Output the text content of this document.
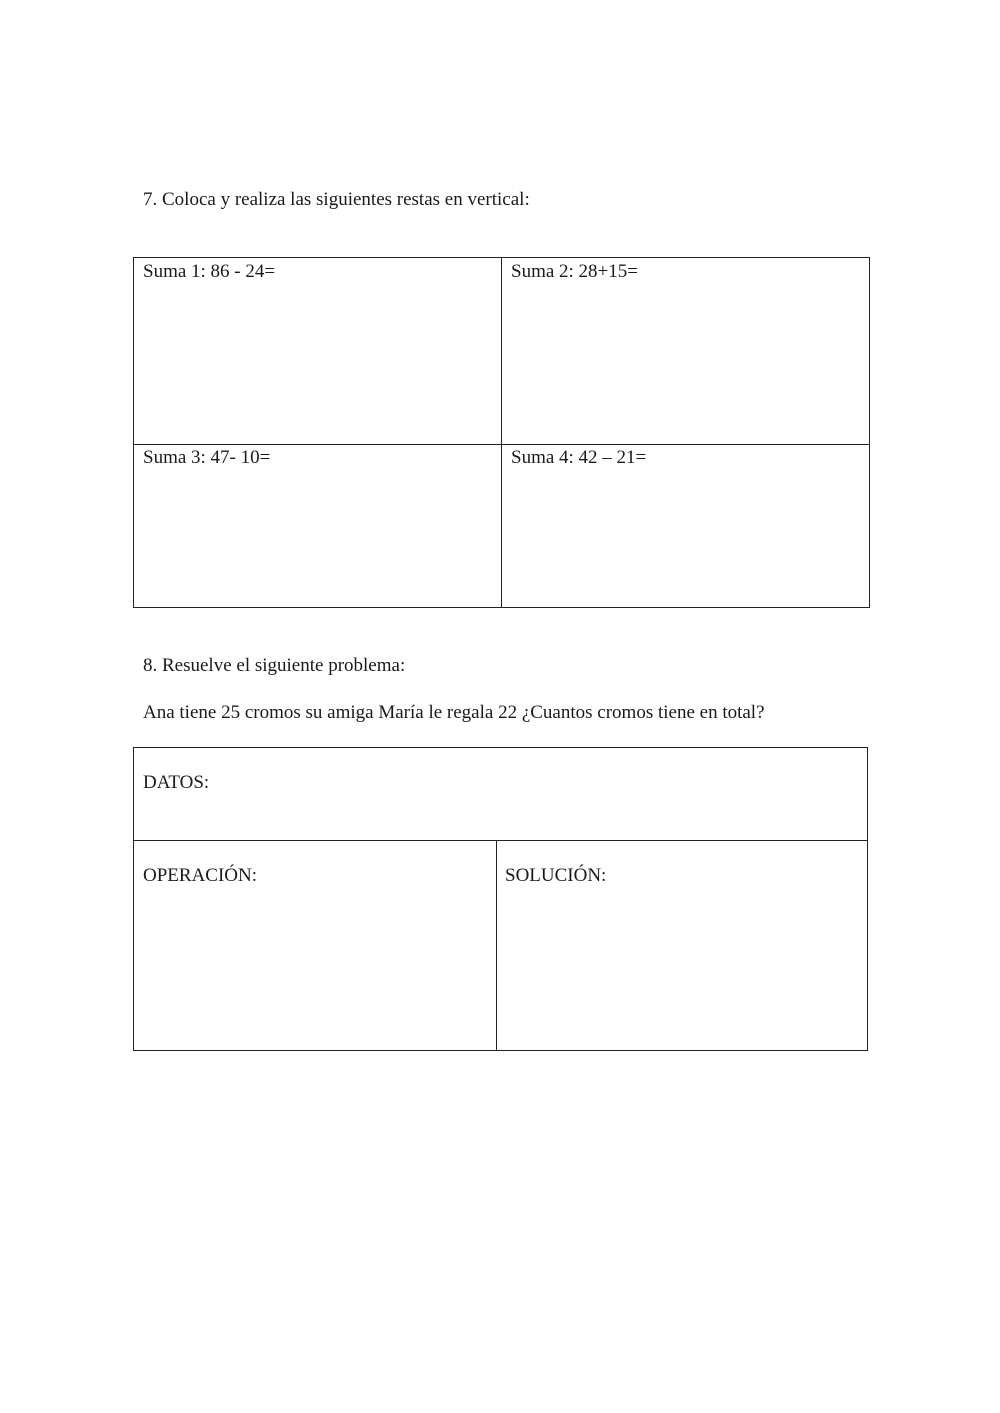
7. Coloca y realiza las siguientes restas en vertical:
Suma 1: 86 - 24=	Suma 2: 28+15=
Suma 3: 47- 10=	Suma 4: 42 – 21=
8. Resuelve el siguiente problema:
Ana tiene 25 cromos su amiga María le regala 22 ¿Cuantos cromos tiene en total?
DATOS:
OPERACIÓN:	SOLUCIÓN:
